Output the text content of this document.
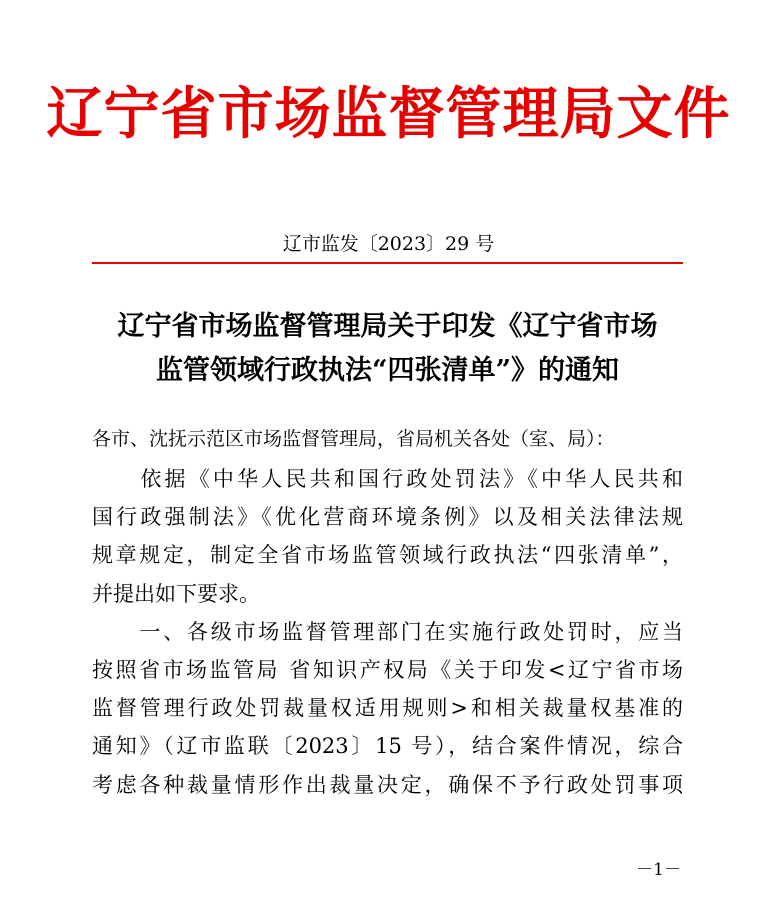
辽宁省市场监督管理局文件
辽市监发〔2023〕29 号
辽宁省市场监督管理局关于印发《辽宁省市场
监管领域行政执法“四张清单”》的通知
各市、沈抚示范区市场监督管理局，省局机关各处（室、局）：
　　依据《中华人民共和国行政处罚法》《中华人民共和
国行政强制法》《优化营商环境条例》以及相关法律法规
规章规定，制定全省市场监管领域行政执法“四张清单”，
并提出如下要求。
　　一、各级市场监督管理部门在实施行政处罚时，应当
按照省市场监管局 省知识产权局《关于印发<辽宁省市场
监督管理行政处罚裁量权适用规则>和相关裁量权基准的
通知》（辽市监联〔2023〕15 号），结合案件情况，综合
考虑各种裁量情形作出裁量决定，确保不予行政处罚事项
－1－
